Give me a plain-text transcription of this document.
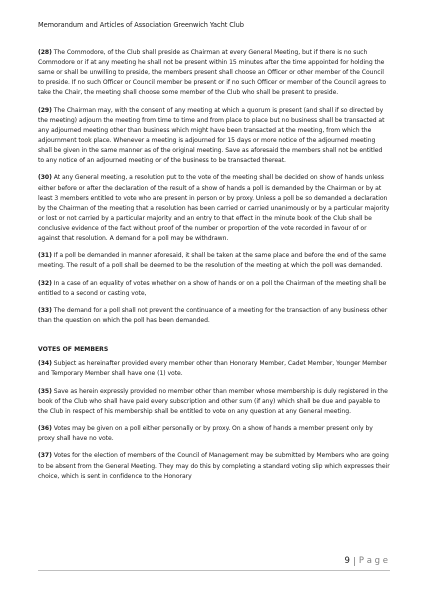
Memorandum and Articles of Association Greenwich Yacht Club

(28) The Commodore, of the Club shall preside as Chairman at every General Meeting, but if there is no such Commodore or if at any meeting he shall not be present within 15 minutes after the time appointed for holding the same or shall be unwilling to preside, the members present shall choose an Officer or other member of the Council to preside. If no such Officer or Council member be present or if no such Officer or member of the Council agrees to take the Chair, the meeting shall choose some member of the Club who shall be present to preside.

(29) The Chairman may, with the consent of any meeting at which a quorum is present (and shall if so directed by the meeting) adjourn the meeting from time to time and from place to place but no business shall be transacted at any adjourned meeting other than business which might have been transacted at the meeting, from which the adjournment took place. Whenever a meeting is adjourned for 15 days or more notice of the adjourned meeting shall be given in the same manner as of the original meeting. Save as aforesaid the members shall not be entitled to any notice of an adjourned meeting or of the business to be transacted thereat.

(30) At any General meeting, a resolution put to the vote of the meeting shall be decided on show of hands unless either before or after the declaration of the result of a show of hands a poll is demanded by the Chairman or by at least 3 members entitled to vote who are present in person or by proxy. Unless a poll be so demanded a declaration by the Chairman of the meeting that a resolution has been carried or carried unanimously or by a particular majority or lost or not carried by a particular majority and an entry to that effect in the minute book of the Club shall be conclusive evidence of the fact without proof of the number or proportion of the vote recorded in favour of or against that resolution. A demand for a poll may be withdrawn.

(31) If a poll be demanded in manner aforesaid, it shall be taken at the same place and before the end of the same meeting. The result of a poll shall be deemed to be the resolution of the meeting at which the poll was demanded.

(32) In a case of an equality of votes whether on a show of hands or on a poll the Chairman of the meeting shall be entitled to a second or casting vote,

(33) The demand for a poll shall not prevent the continuance of a meeting for the transaction of any business other than the question on which the poll has been demanded.

VOTES OF MEMBERS

(34) Subject as hereinafter provided every member other than Honorary Member, Cadet Member, Younger Member and Temporary Member shall have one (1) vote.

(35) Save as herein expressly provided no member other than member whose membership is duly registered in the book of the Club who shall have paid every subscription and other sum (if any) which shall be due and payable to the Club in respect of his membership shall be entitled to vote on any question at any General meeting.

(36) Votes may be given on a poll either personally or by proxy. On a show of hands a member present only by proxy shall have no vote.

(37) Votes for the election of members of the Council of Management may be submitted by Members who are going to be absent from the General Meeting. They may do this by completing a standard voting slip which expresses their choice, which is sent in confidence to the Honorary

9 P a g e
